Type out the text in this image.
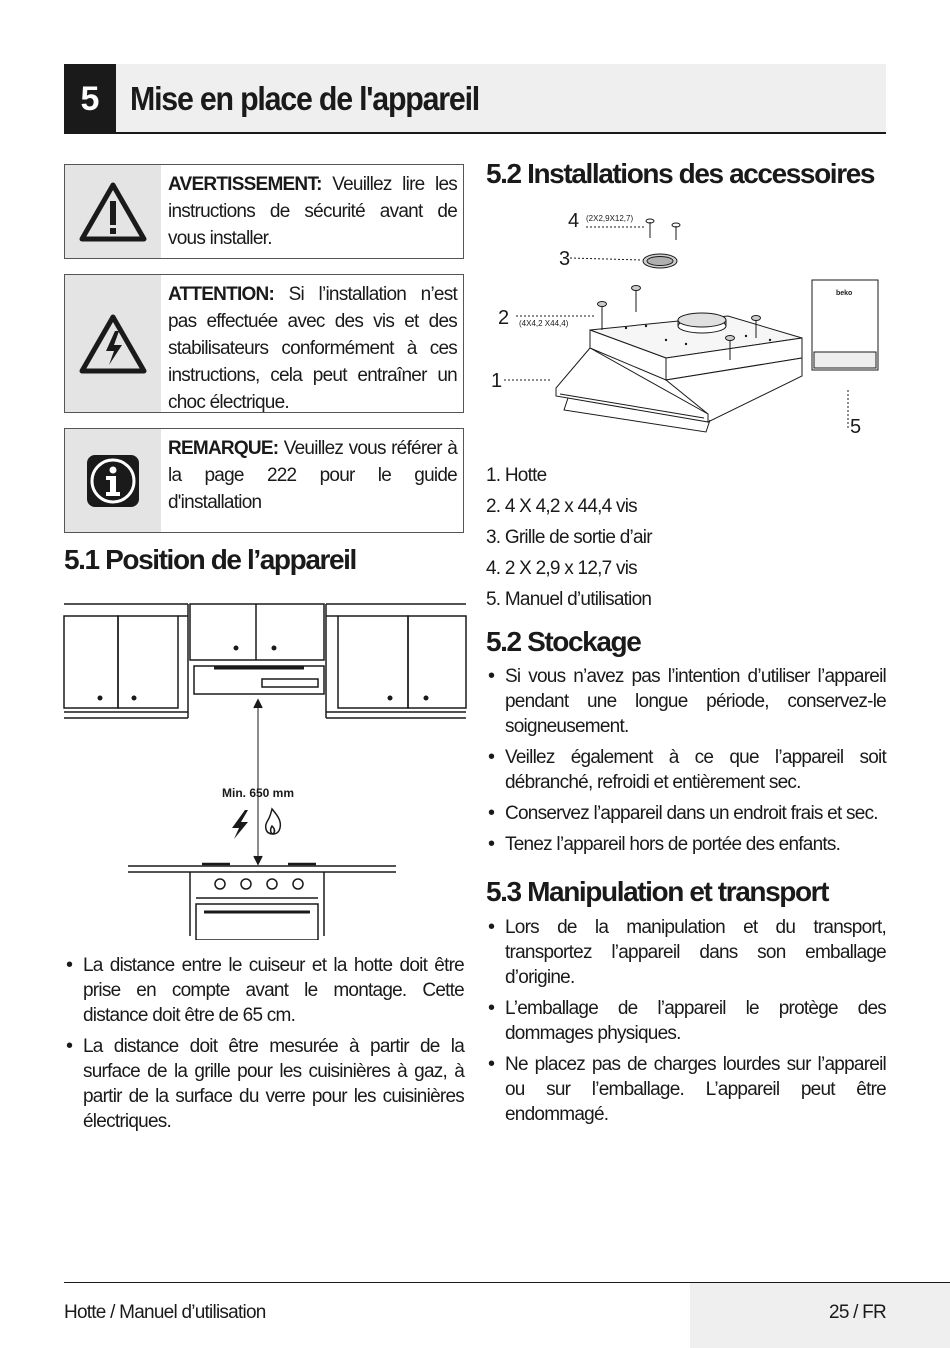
5 Mise en place de l'appareil
AVERTISSEMENT: Veuillez lire les instructions de sécurité avant de vous installer.
ATTENTION: Si l’installation n’est pas effectuée avec des vis et des stabilisateurs conformément à ces instructions, cela peut entraîner un choc électrique.
REMARQUE: Veuillez vous référer à la page 222 pour le guide d'installation
5.1 Position de l’appareil
Min. 650 mm
• La distance entre le cuiseur et la hotte doit être prise en compte avant le montage. Cette distance doit être de 65 cm.
• La distance doit être mesurée à partir de la surface de la grille pour les cuisinières à gaz, à partir de la surface du verre pour les cuisinières électriques.
5.2 Installations des accessoires
4
3
2
1
5
(2X2,9X12,7)
(4X4,2 X44,4)
beko
1. Hotte
2. 4 X 4,2 x 44,4 vis
3. Grille de sortie d’air
4. 2 X 2,9 x 12,7 vis
5. Manuel d’utilisation
5.2 Stockage
• Si vous n’avez pas l’intention d’utiliser l’appareil pendant une longue période, conservez-le soigneusement.
• Veillez également à ce que l’appareil soit débranché, refroidi et entièrement sec.
• Conservez l’appareil dans un endroit frais et sec.
• Tenez l’appareil hors de portée des enfants.
5.3 Manipulation et transport
• Lors de la manipulation et du transport, transportez l’appareil dans son emballage d’origine.
• L’emballage de l’appareil le protège des dommages physiques.
• Ne placez pas de charges lourdes sur l’appareil ou sur l’emballage. L’appareil peut être endommagé.
Hotte / Manuel d’utilisation	25 / FR
